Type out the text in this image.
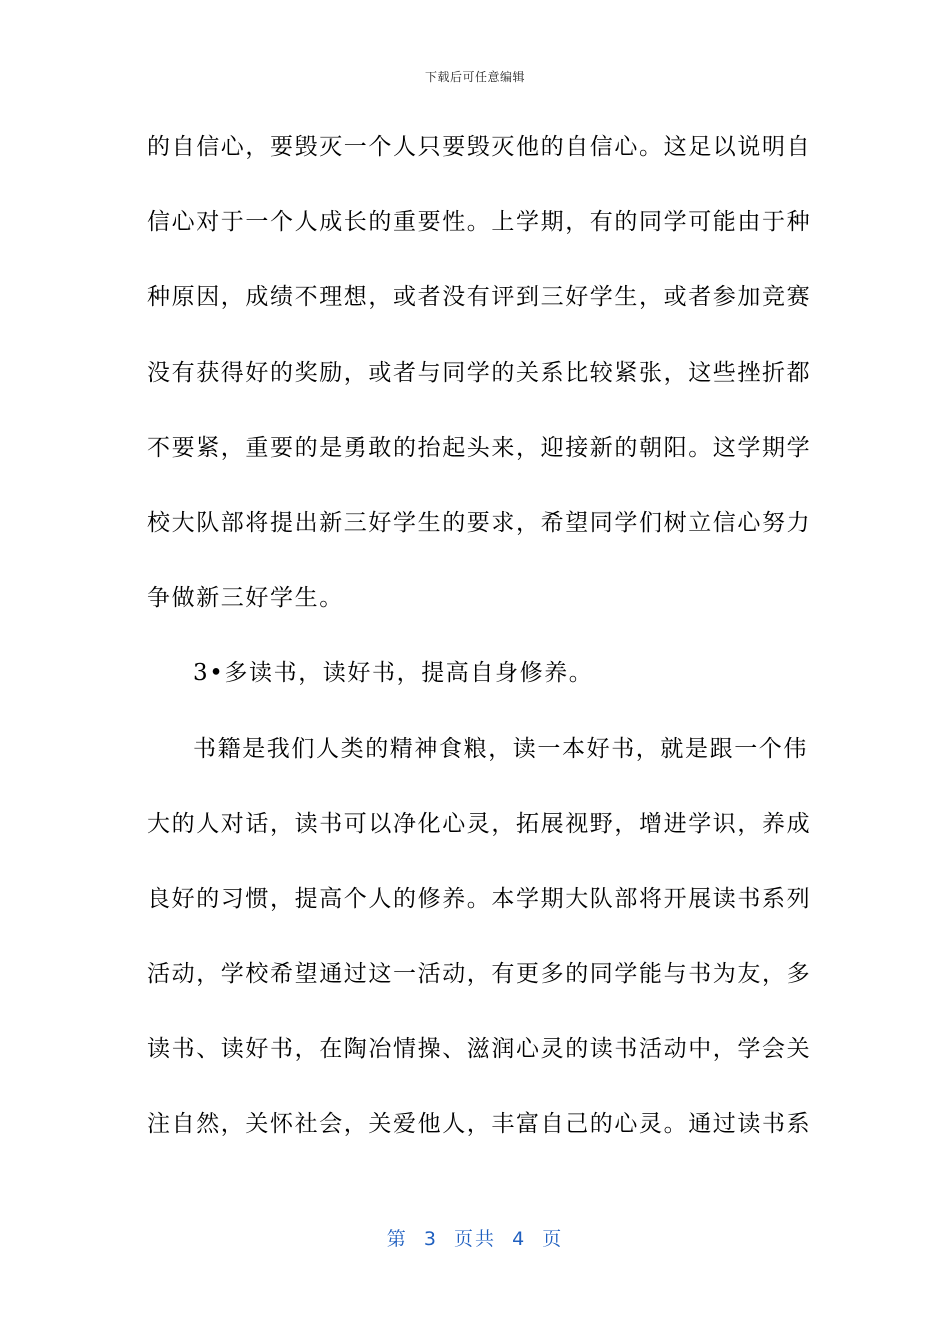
下载后可任意编辑
的自信心，要毁灭一个人只要毁灭他的自信心。这足以说明自
信心对于一个人成长的重要性。上学期，有的同学可能由于种
种原因，成绩不理想，或者没有评到三好学生，或者参加竞赛
没有获得好的奖励，或者与同学的关系比较紧张，这些挫折都
不要紧，重要的是勇敢的抬起头来，迎接新的朝阳。这学期学
校大队部将提出新三好学生的要求，希望同学们树立信心努力
争做新三好学生。
3•多读书，读好书，提高自身修养。
书籍是我们人类的精神食粮，读一本好书，就是跟一个伟
大的人对话，读书可以净化心灵，拓展视野，增进学识，养成
良好的习惯，提高个人的修养。本学期大队部将开展读书系列
活动，学校希望通过这一活动，有更多的同学能与书为友，多
读书、读好书，在陶冶情操、滋润心灵的读书活动中，学会关
注自然，关怀社会，关爱他人，丰富自己的心灵。通过读书系
第  3  页共  4  页
